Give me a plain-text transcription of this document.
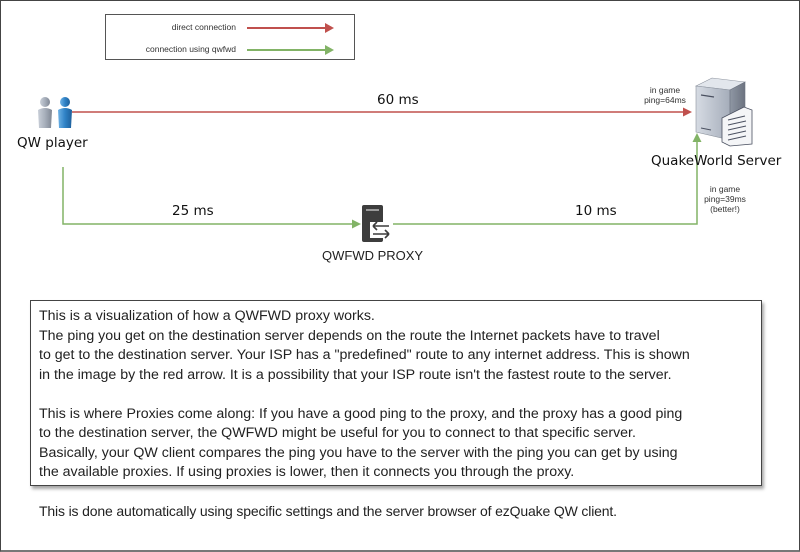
direct connection
connection using qwfwd
QW player
QuakeWorld Server
QWFWD PROXY
60 ms
25 ms	10 ms
in game
ping=64ms
in game
ping=39ms
(better!)

This is a visualization of how a QWFWD proxy works.

The ping you get on the destination server depends on the route the Internet packets have to travel

to get to the destination server. Your ISP has a "predefined" route to any internet address. This is shown

in the image by the red arrow. It is a possibility that your ISP route isn't the fastest route to the server.

This is where Proxies come along: If you have a good ping to the proxy, and the proxy has a good ping

to the destination server, the QWFWD might be useful for you to connect to that specific server.

Basically, your QW client compares the ping you have to the server with the ping you can get by using

the available proxies. If using proxies is lower, then it connects you through the proxy.

This is done automatically using specific settings and the server browser of ezQuake QW client.
